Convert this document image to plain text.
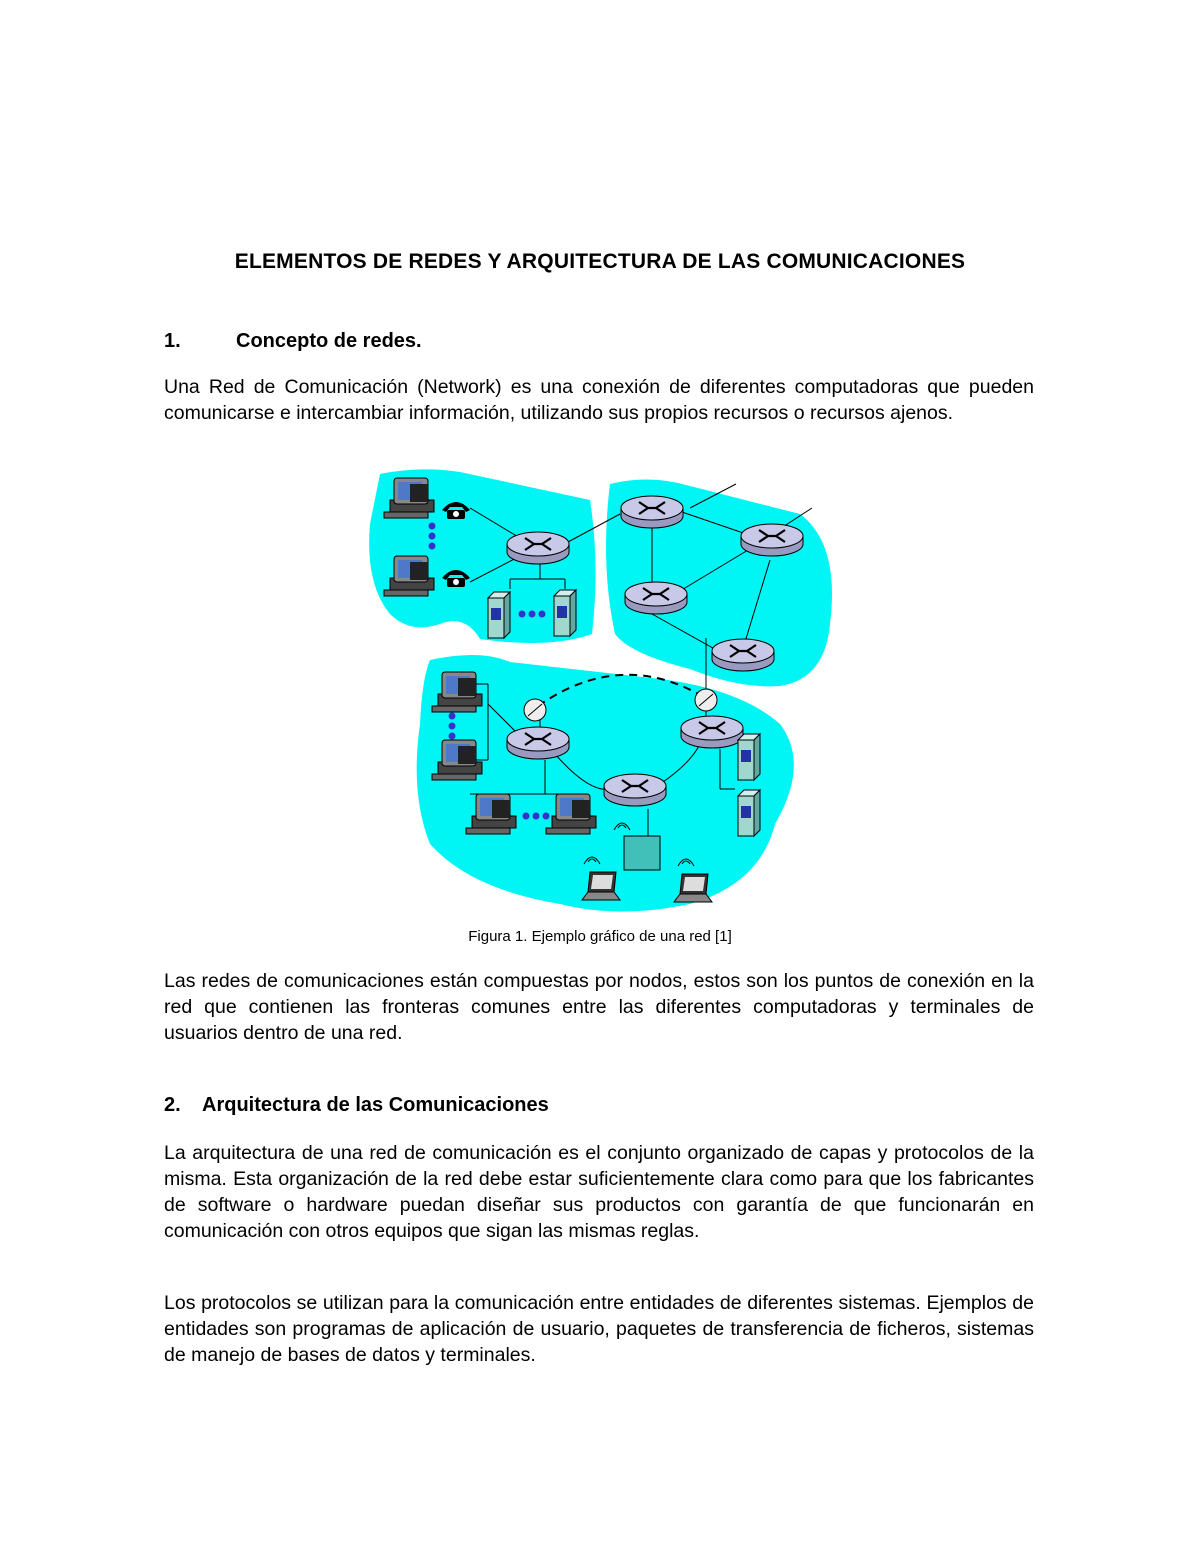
ELEMENTOS DE REDES Y ARQUITECTURA DE LAS COMUNICACIONES
1.	Concepto de redes.
Una Red de Comunicación (Network) es una conexión de diferentes computadoras que pueden comunicarse e intercambiar información, utilizando sus propios recursos o recursos ajenos.
Figura 1. Ejemplo gráfico de una red [1]
Las redes de comunicaciones están compuestas por nodos, estos son los puntos de conexión en la red que contienen las fronteras comunes entre las diferentes computadoras y terminales de usuarios dentro de una red.
2. Arquitectura de las Comunicaciones
La arquitectura de una red de comunicación es el conjunto organizado de capas y protocolos de la misma. Esta organización de la red debe estar suficientemente clara como para que los fabricantes de software o hardware puedan diseñar sus productos con garantía de que funcionarán en comunicación con otros equipos que sigan las mismas reglas.
Los protocolos se utilizan para la comunicación entre entidades de diferentes sistemas. Ejemplos de entidades son programas de aplicación de usuario, paquetes de transferencia de ficheros, sistemas de manejo de bases de datos y terminales.
